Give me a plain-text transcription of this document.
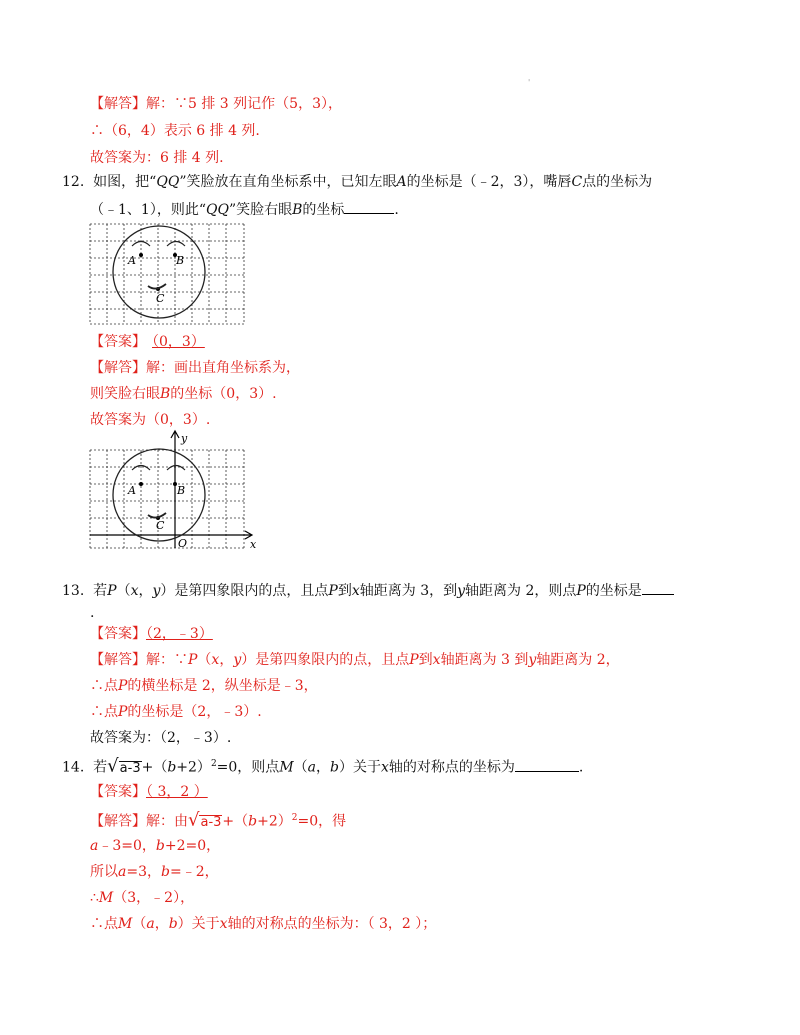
'
【解答】解：∵5 排 3 列记作（5，3），
∴（6，4）表示 6 排 4 列.
故答案为：6 排 4 列.
12. 如图，把“QQ”笑脸放在直角坐标系中，已知左眼A的坐标是（﹣2，3），嘴唇C点的坐标为
（﹣1、1），则此“QQ”笑脸右眼B的坐标	.
A	B
C
【答案】 （0，3）
【解答】解：画出直角坐标系为，
则笑脸右眼B的坐标（0，3）.
故答案为（0，3）.
A	B
C
O	x
y
13. 若P（x，y）是第四象限内的点，且点P到x轴距离为 3，到y轴距离为 2，则点P的坐标是
.
【答案】（2，﹣3）
【解答】解：∵P（x，y）是第四象限内的点，且点P到x轴距离为 3 到y轴距离为 2，
∴点P的横坐标是 2，纵坐标是﹣3，
∴点P的坐标是（2，﹣3）.
故答案为：（2，﹣3）.
14. 若$√a-3+(b+2)^2=0$，则点M（a，b）关于x轴的对称点的坐标为	.
【答案】（ 3，2 ）
【解答】解：由$√a-3+(b+2)^2=0$，得
a﹣3=0，b+2=0，
所以a=3，b=﹣2，
∴M（3，﹣2），
∴点M（a，b）关于x轴的对称点的坐标为：（ 3，2 ）；
